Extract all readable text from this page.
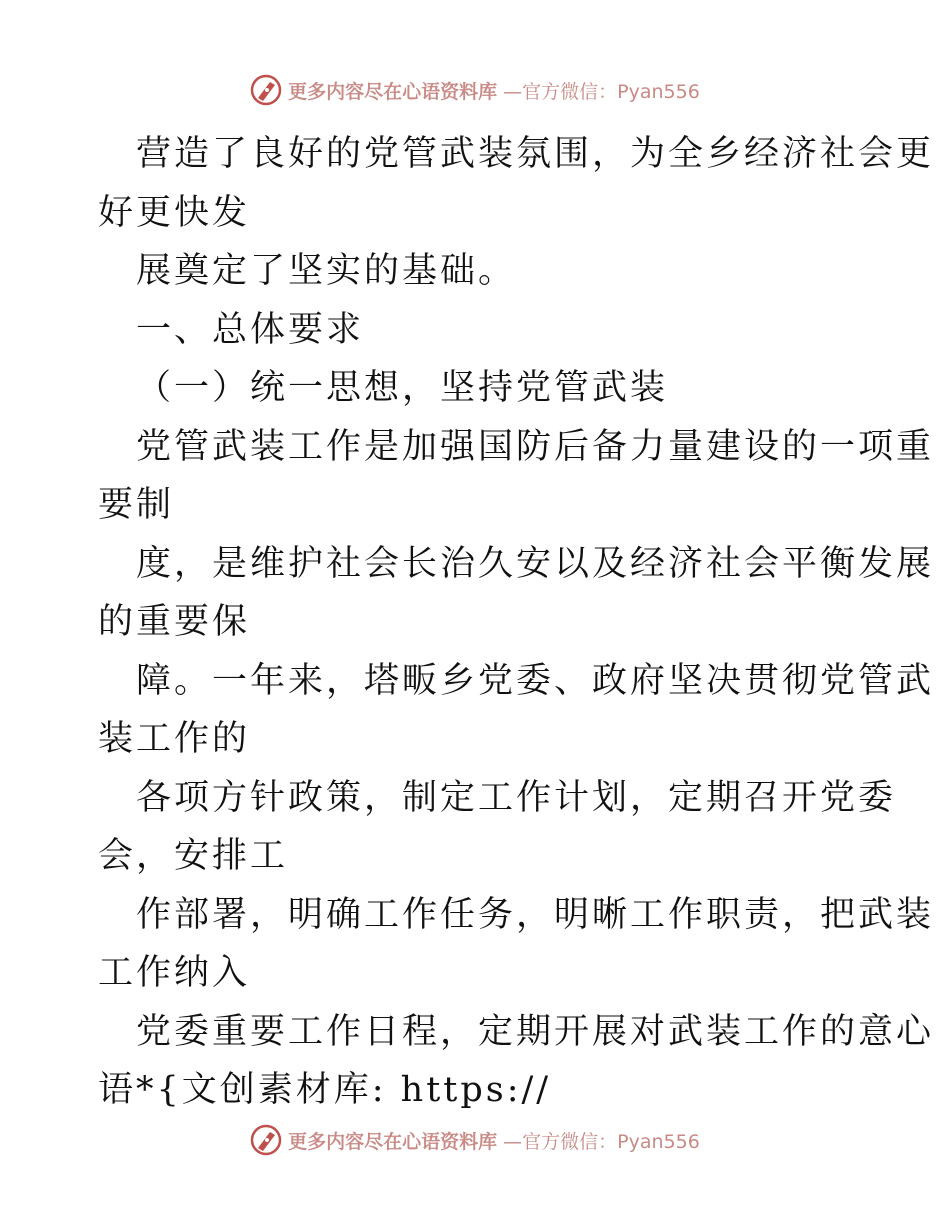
更多内容尽在心语资料库 —官方微信：Pyan556
营造了良好的党管武装氛围，为全乡经济社会更
好更快发
展奠定了坚实的基础。
一、总体要求
（一）统一思想，坚持党管武装
党管武装工作是加强国防后备力量建设的一项重
要制
度，是维护社会长治久安以及经济社会平衡发展
的重要保
障。一年来，塔畈乡党委、政府坚决贯彻党管武
装工作的
各项方针政策，制定工作计划，定期召开党委
会，安排工
作部署，明确工作任务，明晰工作职责，把武装
工作纳入
党委重要工作日程，定期开展对武装工作的意心
语*{文创素材库: https://
更多内容尽在心语资料库 —官方微信：Pyan556
